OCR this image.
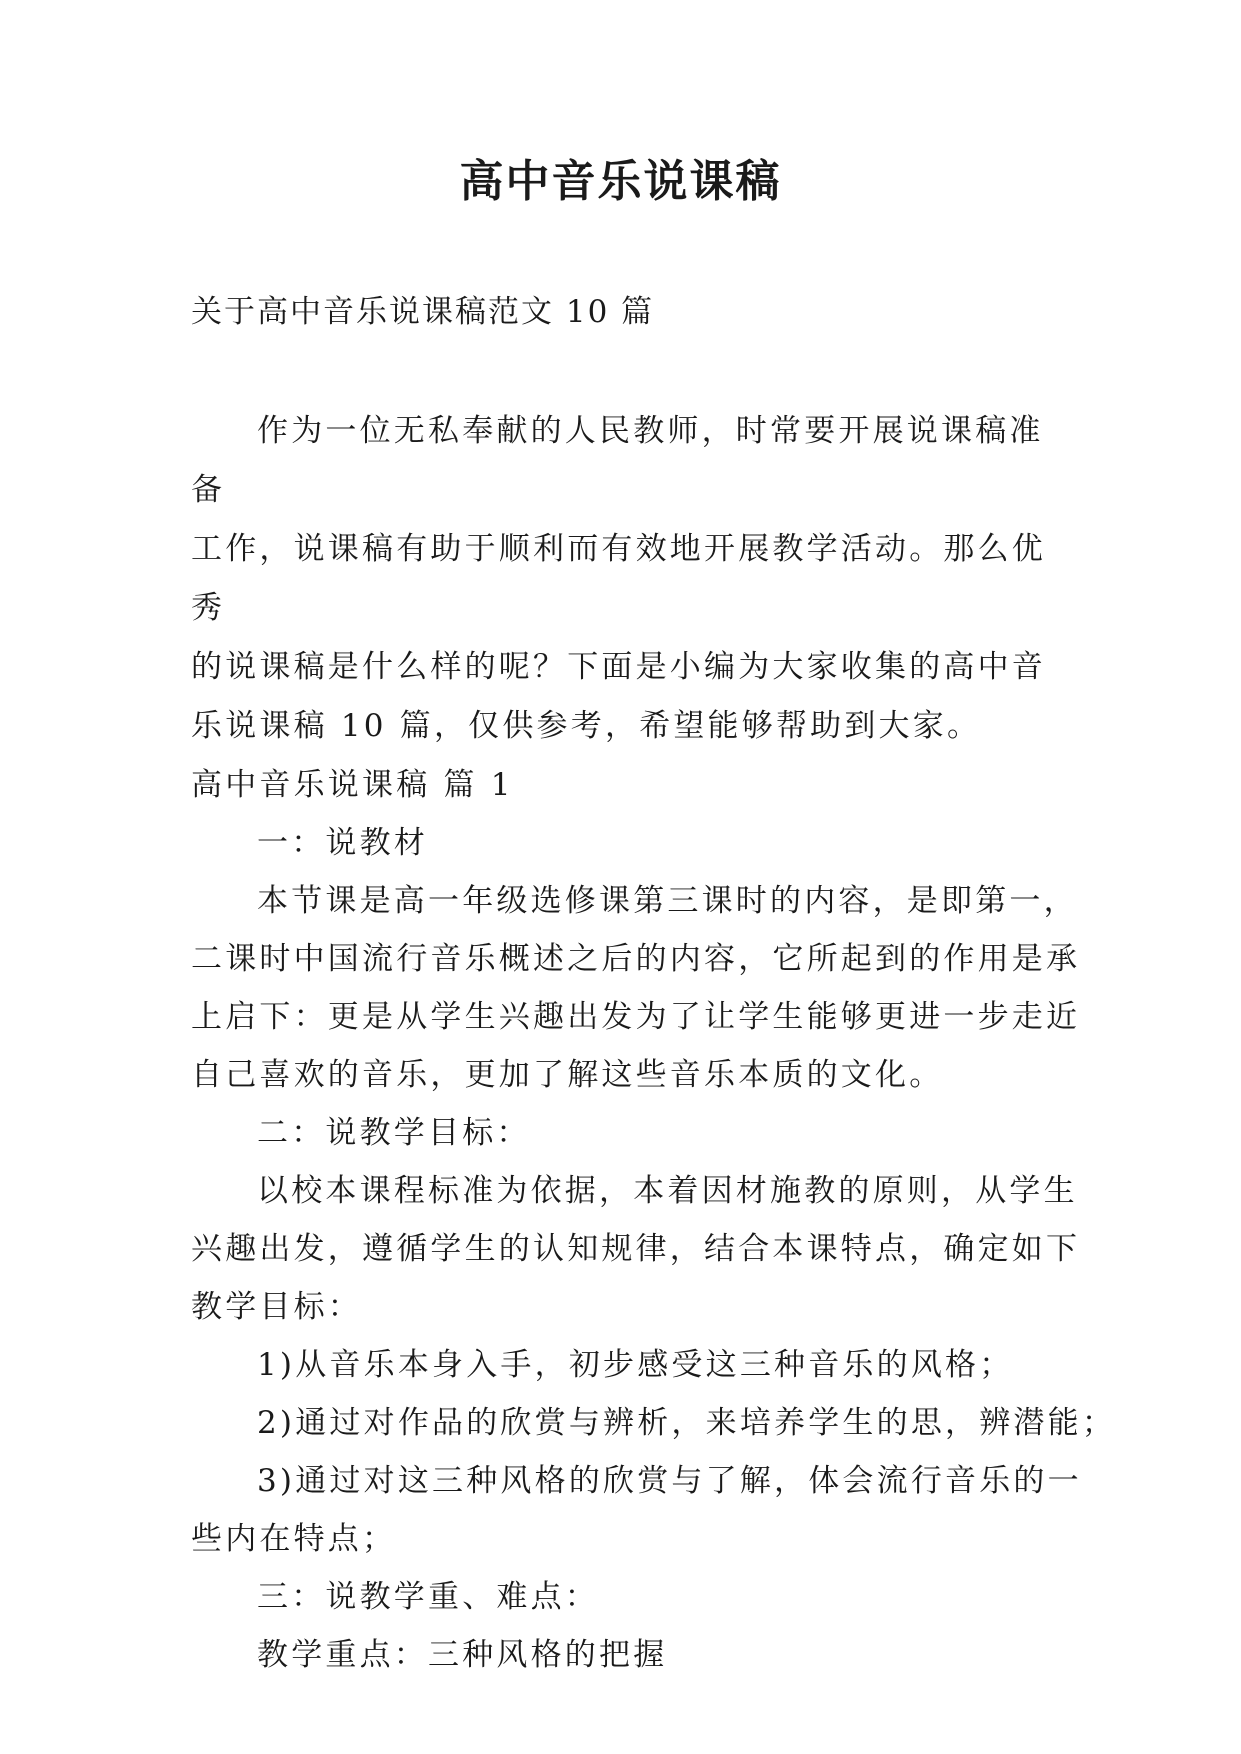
高中音乐说课稿

关于高中音乐说课稿范文 10 篇

作为一位无私奉献的人民教师，时常要开展说课稿准备
工作，说课稿有助于顺利而有效地开展教学活动。那么优秀
的说课稿是什么样的呢？下面是小编为大家收集的高中音
乐说课稿 10 篇，仅供参考，希望能够帮助到大家。

高中音乐说课稿 篇 1

一：说教材

本节课是高一年级选修课第三课时的内容，是即第一，

二课时中国流行音乐概述之后的内容，它所起到的作用是承

上启下：更是从学生兴趣出发为了让学生能够更进一步走近

自己喜欢的音乐，更加了解这些音乐本质的文化。

二：说教学目标：

以校本课程标准为依据，本着因材施教的原则，从学生

兴趣出发，遵循学生的认知规律，结合本课特点，确定如下

教学目标：

1)从音乐本身入手，初步感受这三种音乐的风格；

2)通过对作品的欣赏与辨析，来培养学生的思，辨潜能；

3)通过对这三种风格的欣赏与了解，体会流行音乐的一

些内在特点；

三：说教学重、难点：

教学重点：三种风格的把握
